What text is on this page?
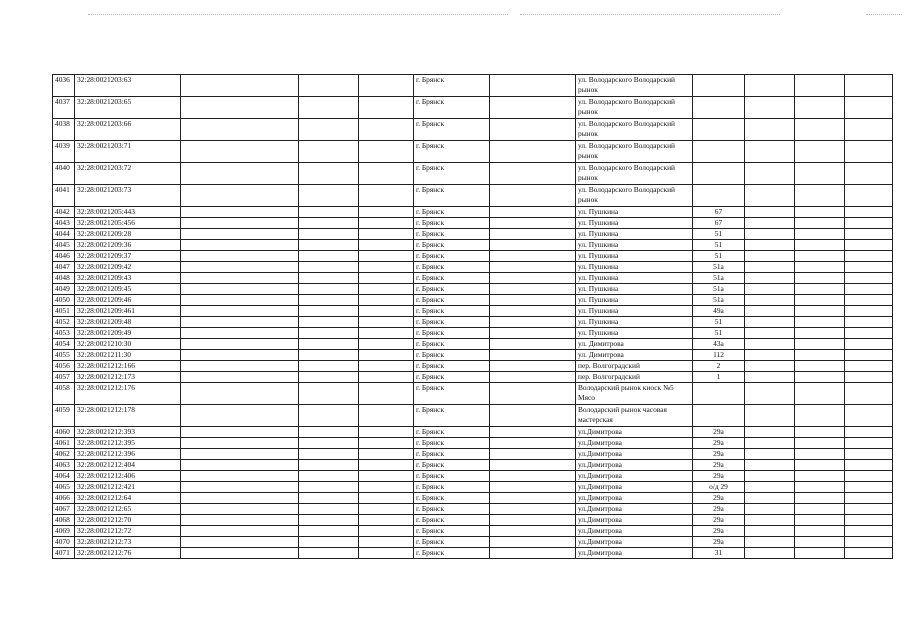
4036	32:28:0021203:63				г. Брянск		ул. Володарского Володарский рынок				
4037	32:28:0021203:65				г. Брянск		ул. Володарского Володарский рынок				
4038	32:28:0021203:66				г. Брянск		ул. Володарского Володарский рынок				
4039	32:28:0021203:71				г. Брянск		ул. Володарского Володарский рынок				
4040	32:28:0021203:72				г. Брянск		ул. Володарского Володарский рынок				
4041	32:28:0021203:73				г. Брянск		ул. Володарского Володарский рынок				
4042	32:28:0021205:443				г. Брянск		ул. Пушкина	67			
4043	32:28:0021205:456				г. Брянск		ул. Пушкина	67			
4044	32:28:0021209:28				г. Брянск		ул. Пушкина	51			
4045	32:28:0021209:36				г. Брянск		ул. Пушкина	51			
4046	32:28:0021209:37				г. Брянск		ул. Пушкина	51			
4047	32:28:0021209:42				г. Брянск		ул. Пушкина	51а			
4048	32:28:0021209:43				г. Брянск		ул. Пушкина	51а			
4049	32:28:0021209:45				г. Брянск		ул. Пушкина	51а			
4050	32:28:0021209:46				г. Брянск		ул. Пушкина	51а			
4051	32:28:0021209:461				г. Брянск		ул. Пушкина	49а			
4052	32:28:0021209:48				г. Брянск		ул. Пушкина	51			
4053	32:28:0021209:49				г. Брянск		ул. Пушкина	51			
4054	32:28:0021210:30				г. Брянск		ул. Димитрова	43а			
4055	32:28:0021211:30				г. Брянск		ул. Димитрова	112			
4056	32:28:0021212:166				г. Брянск		пер. Волгоградский	2			
4057	32:28:0021212:173				г. Брянск		пер. Волгоградский	1			
4058	32:28:0021212:176				г. Брянск		Володарский рынок киоск №5 Мясо				
4059	32:28:0021212:178				г. Брянск		Володарский рынок часовая мастерская				
4060	32:28:0021212:393				г. Брянск		ул.Димитрова	29а			
4061	32:28:0021212:395				г. Брянск		ул.Димитрова	29а			
4062	32:28:0021212:396				г. Брянск		ул.Димитрова	29а			
4063	32:28:0021212:404				г. Брянск		ул.Димитрова	29а			
4064	32:28:0021212:406				г. Брянск		ул.Димитрова	29а			
4065	32:28:0021212:421				г. Брянск		ул.Димитрова	о/д 29			
4066	32:28:0021212:64				г. Брянск		ул.Димитрова	29а			
4067	32:28:0021212:65				г. Брянск		ул.Димитрова	29а			
4068	32:28:0021212:70				г. Брянск		ул.Димитрова	29а			
4069	32:28:0021212:72				г. Брянск		ул.Димитрова	29а			
4070	32:28:0021212:73				г. Брянск		ул.Димитрова	29а			
4071	32:28:0021212:76				г. Брянск		ул.Димитрова	31			
